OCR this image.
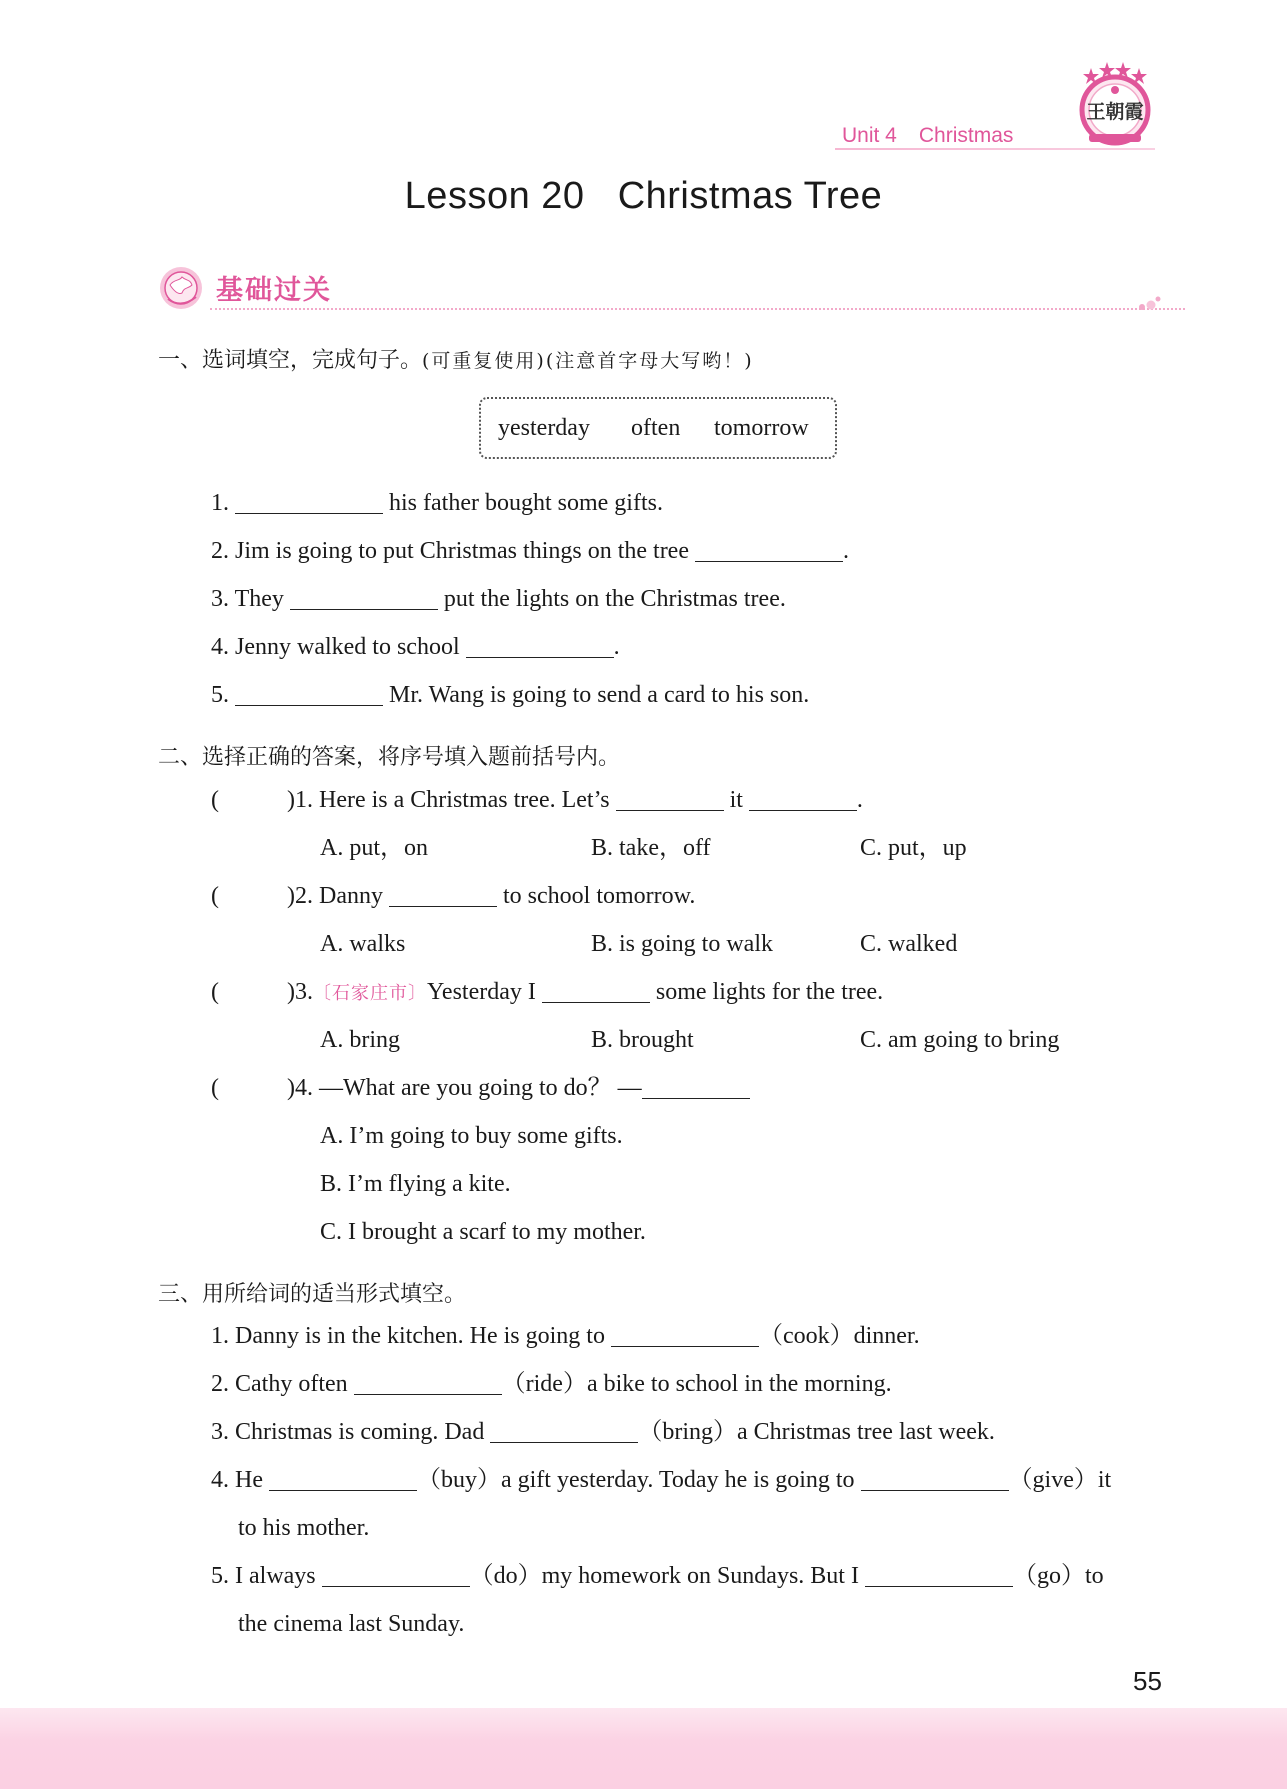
Unit 4 Christmas
王朝霞
Lesson 20   Christmas Tree
基础过关
一、选词填空，完成句子。(可重复使用)(注意首字母大写哟！)
yesterday often tomorrow
1.	his father bought some gifts.
2. Jim is going to put Christmas things on the tree	.
3. They	put the lights on the Christmas tree.
4. Jenny walked to school	.
5.	Mr. Wang is going to send a card to his son.
二、选择正确的答案，将序号填入题前括号内。
(	)1. Here is a Christmas tree. Let’s	it	.
A. put，on	B. take，off	C. put，up
(	)2. Danny	to school tomorrow.
A. walks	B. is going to walk	C. walked
(	)3.〔石家庄市〕Yesterday I	some lights for the tree.
A. bring	B. brought	C. am going to bring
(	)4. —What are you going to do？ —
A. I’m going to buy some gifts.
B. I’m flying a kite.
C. I brought a scarf to my mother.
三、用所给词的适当形式填空。
1. Danny is in the kitchen. He is going to	（cook）dinner.
2. Cathy often	（ride）a bike to school in the morning.
3. Christmas is coming. Dad	（bring）a Christmas tree last week.
4. He	（buy）a gift yesterday. Today he is going to	（give）it
to his mother.
5. I always	（do）my homework on Sundays. But I	（go）to
the cinema last Sunday.
55
